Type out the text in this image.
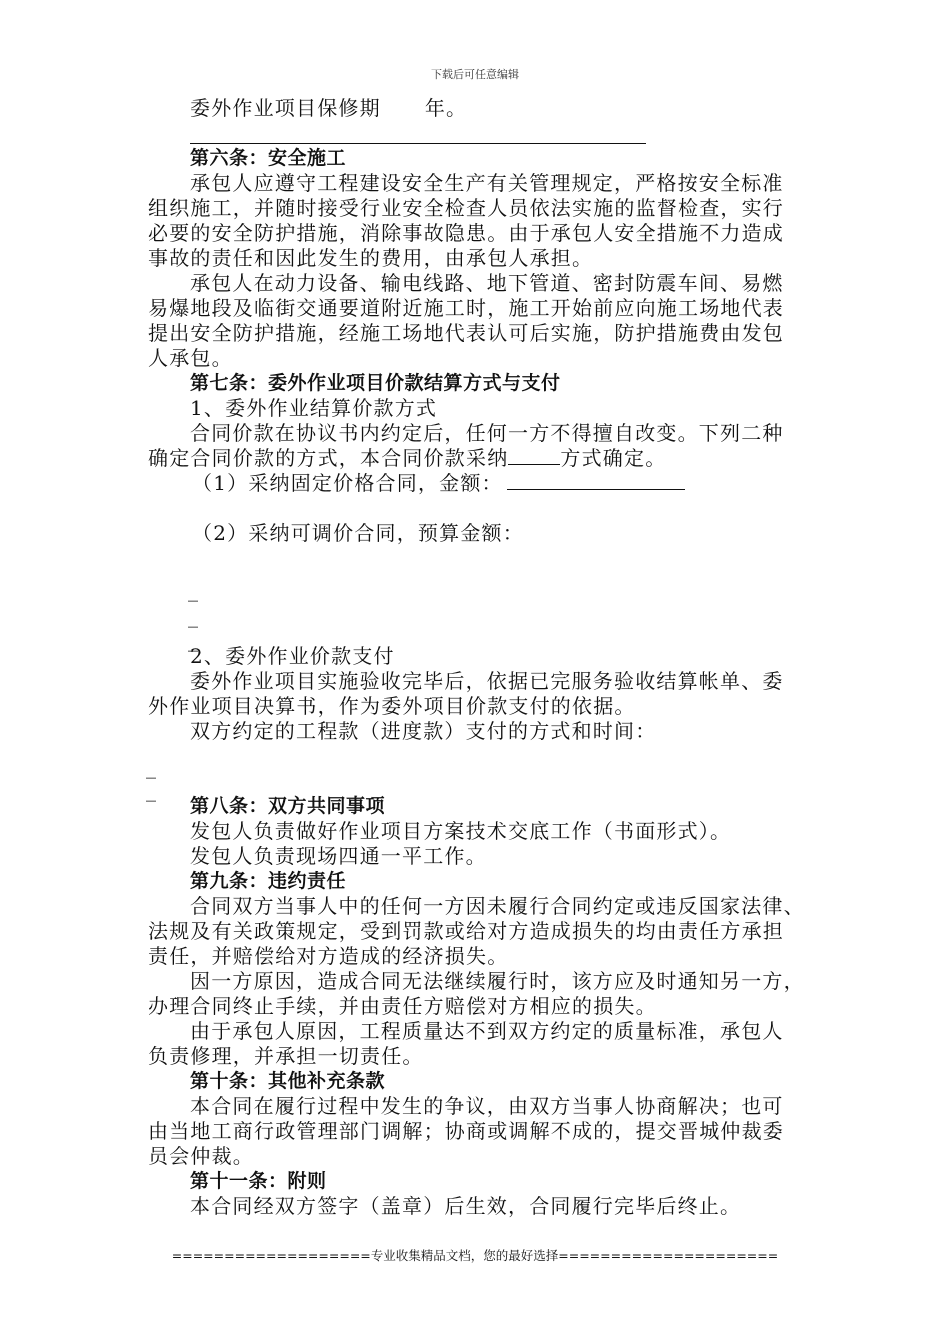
下载后可任意编辑
委外作业项目保修期 年。
第六条：安全施工
承包人应遵守工程建设安全生产有关管理规定，严格按安全标准
组织施工，并随时接受行业安全检查人员依法实施的监督检查，实行
必要的安全防护措施，消除事故隐患。由于承包人安全措施不力造成
事故的责任和因此发生的费用，由承包人承担。
承包人在动力设备、输电线路、地下管道、密封防震车间、易燃
易爆地段及临街交通要道附近施工时，施工开始前应向施工场地代表
提出安全防护措施，经施工场地代表认可后实施，防护措施费由发包
人承包。
第七条：委外作业项目价款结算方式与支付
1、委外作业结算价款方式
合同价款在协议书内约定后，任何一方不得擅自改变。下列二种
确定合同价款的方式，本合同价款采纳	方式确定。
（1）采纳固定价格合同，金额：
（2）采纳可调价合同，预算金额：
2、委外作业价款支付
委外作业项目实施验收完毕后，依据已完服务验收结算帐单、委
外作业项目决算书，作为委外项目价款支付的依据。
双方约定的工程款（进度款）支付的方式和时间：
第八条：双方共同事项
发包人负责做好作业项目方案技术交底工作（书面形式）。
发包人负责现场四通一平工作。
第九条：违约责任
合同双方当事人中的任何一方因未履行合同约定或违反国家法律、
法规及有关政策规定，受到罚款或给对方造成损失的均由责任方承担
责任，并赔偿给对方造成的经济损失。
因一方原因，造成合同无法继续履行时，该方应及时通知另一方，
办理合同终止手续，并由责任方赔偿对方相应的损失。
由于承包人原因，工程质量达不到双方约定的质量标准，承包人
负责修理，并承担一切责任。
第十条：其他补充条款
本合同在履行过程中发生的争议，由双方当事人协商解决；也可
由当地工商行政管理部门调解；协商或调解不成的，提交晋城仲裁委
员会仲裁。
第十一条：附则
本合同经双方签字（盖章）后生效，合同履行完毕后终止。
_
_
_
_
_
===================专业收集精品文档，您的最好选择=====================
